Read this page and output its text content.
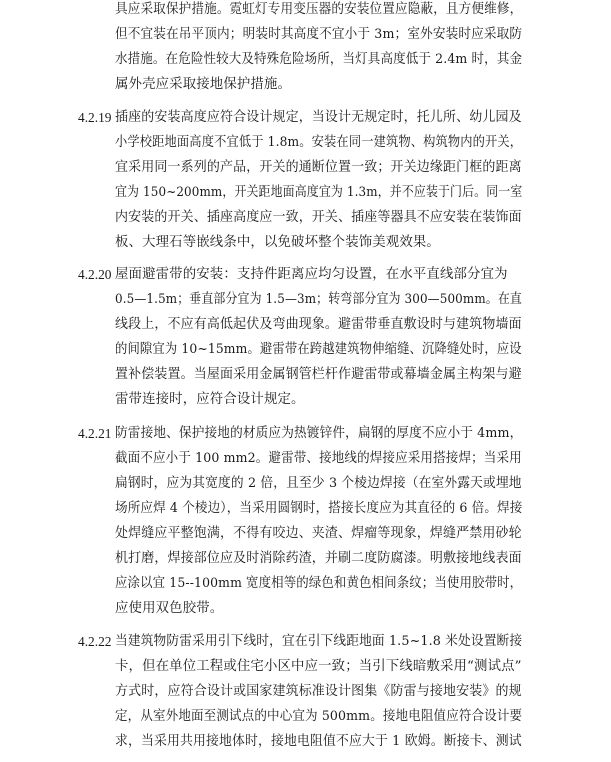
具应采取保护措施。霓虹灯专用变压器的安装位置应隐蔽，且方便维修，
但不宜装在吊平顶内；明装时其高度不宜小于 3m；室外安装时应采取防
水措施。在危险性较大及特殊危险场所，当灯具高度低于 2.4m 时，其金
属外壳应采取接地保护措施。
4.2.19 插座的安装高度应符合设计规定，当设计无规定时，托儿所、幼儿园及
小学校距地面高度不宜低于 1.8m。安装在同一建筑物、构筑物内的开关，
宜采用同一系列的产品，开关的通断位置一致；开关边缘距门框的距离
宜为 150~200mm，开关距地面高度宜为 1.3m，并不应装于门后。同一室
内安装的开关、插座高度应一致，开关、插座等器具不应安装在装饰面
板、大理石等嵌线条中，以免破坏整个装饰美观效果。
4.2.20 屋面避雷带的安装：支持件距离应均匀设置，在水平直线部分宜为
0.5—1.5m；垂直部分宜为 1.5—3m；转弯部分宜为 300—500mm。在直
线段上，不应有高低起伏及弯曲现象。避雷带垂直敷设时与建筑物墙面
的间隙宜为 10~15mm。避雷带在跨越建筑物伸缩缝、沉降缝处时，应设
置补偿装置。当屋面采用金属钢管栏杆作避雷带或幕墙金属主构架与避
雷带连接时，应符合设计规定。
4.2.21 防雷接地、保护接地的材质应为热镀锌件，扁钢的厚度不应小于 4mm，
截面不应小于 100 mm2。避雷带、接地线的焊接应采用搭接焊；当采用
扁钢时，应为其宽度的 2 倍，且至少 3 个棱边焊接（在室外露天或埋地
场所应焊 4 个棱边），当采用圆钢时，搭接长度应为其直径的 6 倍。焊接
处焊缝应平整饱满，不得有咬边、夹渣、焊瘤等现象，焊缝严禁用砂轮
机打磨，焊接部位应及时消除药渣，并刷二度防腐漆。明敷接地线表面
应涂以宜 15--100mm 宽度相等的绿色和黄色相间条纹；当使用胶带时，
应使用双色胶带。
4.2.22 当建筑物防雷采用引下线时，宜在引下线距地面 1.5~1.8 米处设置断接
卡，但在单位工程或住宅小区中应一致；当引下线暗敷采用“测试点”
方式时，应符合设计或国家建筑标准设计图集《防雷与接地安装》的规
定，从室外地面至测试点的中心宜为 500mm。接地电阻值应符合设计要
求，当采用共用接地体时，接地电阻值不应大于 1 欧姆。断接卡、测试
